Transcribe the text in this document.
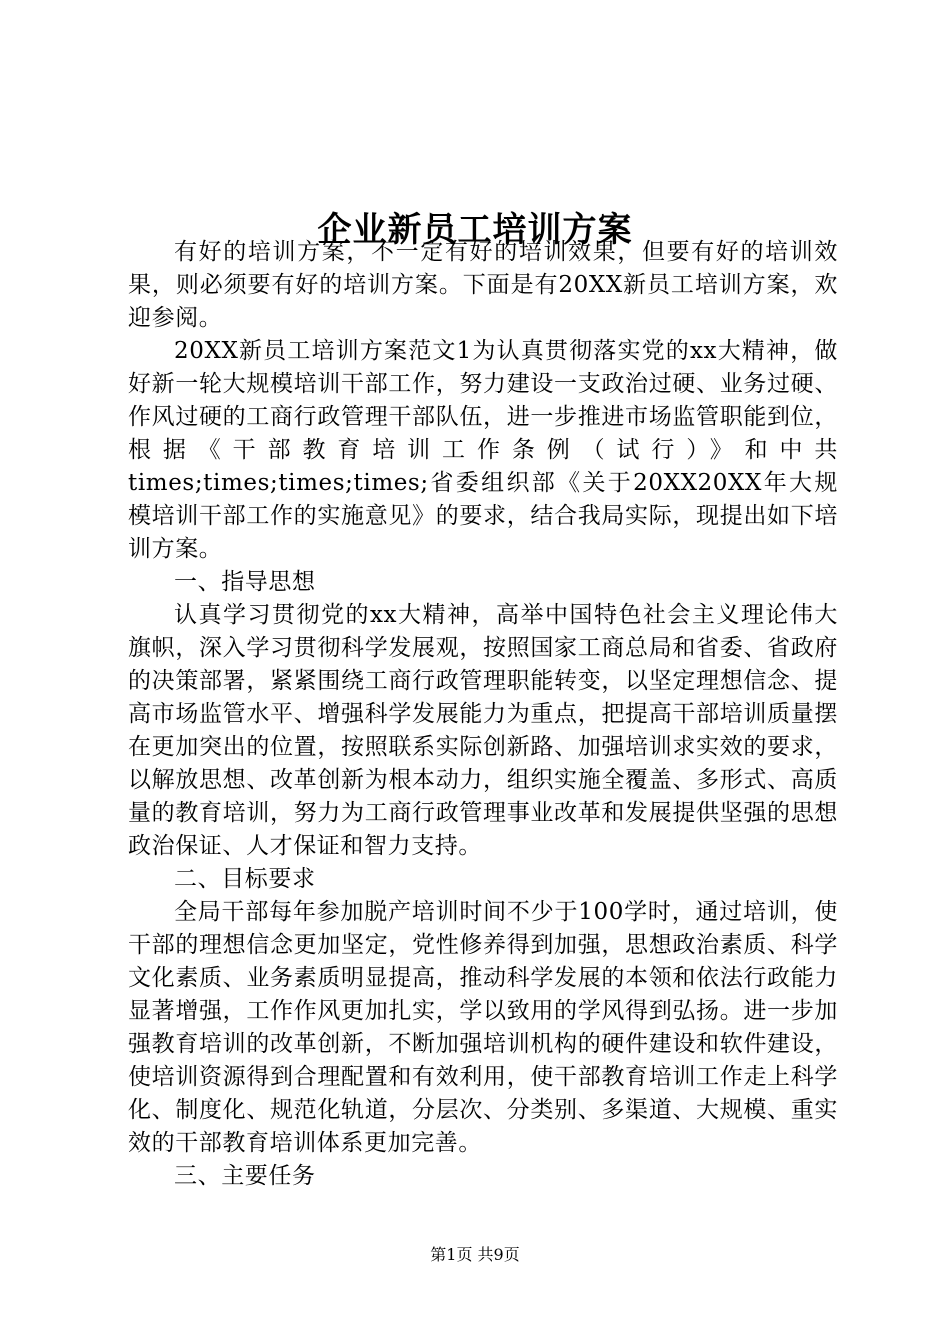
企业新员工培训方案

有好的培训方案，不一定有好的培训效果，但要有好的培训效果，则必须要有好的培训方案。下面是有20XX新员工培训方案，欢迎参阅。

20XX新员工培训方案范文1为认真贯彻落实党的xx大精神，做好新一轮大规模培训干部工作，努力建设一支政治过硬、业务过硬、作风过硬的工商行政管理干部队伍，进一步推进市场监管职能到位，根据《干部教育培训工作条例（试行）》和中共times;times;times;times;省委组织部《关于20XX20XX年大规模培训干部工作的实施意见》的要求，结合我局实际，现提出如下培训方案。

一、指导思想

认真学习贯彻党的xx大精神，高举中国特色社会主义理论伟大旗帜，深入学习贯彻科学发展观，按照国家工商总局和省委、省政府的决策部署，紧紧围绕工商行政管理职能转变，以坚定理想信念、提高市场监管水平、增强科学发展能力为重点，把提高干部培训质量摆在更加突出的位置，按照联系实际创新路、加强培训求实效的要求，以解放思想、改革创新为根本动力，组织实施全覆盖、多形式、高质量的教育培训，努力为工商行政管理事业改革和发展提供坚强的思想政治保证、人才保证和智力支持。

二、目标要求

全局干部每年参加脱产培训时间不少于100学时，通过培训，使干部的理想信念更加坚定，党性修养得到加强，思想政治素质、科学文化素质、业务素质明显提高，推动科学发展的本领和依法行政能力显著增强，工作作风更加扎实，学以致用的学风得到弘扬。进一步加强教育培训的改革创新，不断加强培训机构的硬件建设和软件建设，使培训资源得到合理配置和有效利用，使干部教育培训工作走上科学化、制度化、规范化轨道，分层次、分类别、多渠道、大规模、重实效的干部教育培训体系更加完善。

三、主要任务

第1页 共9页
